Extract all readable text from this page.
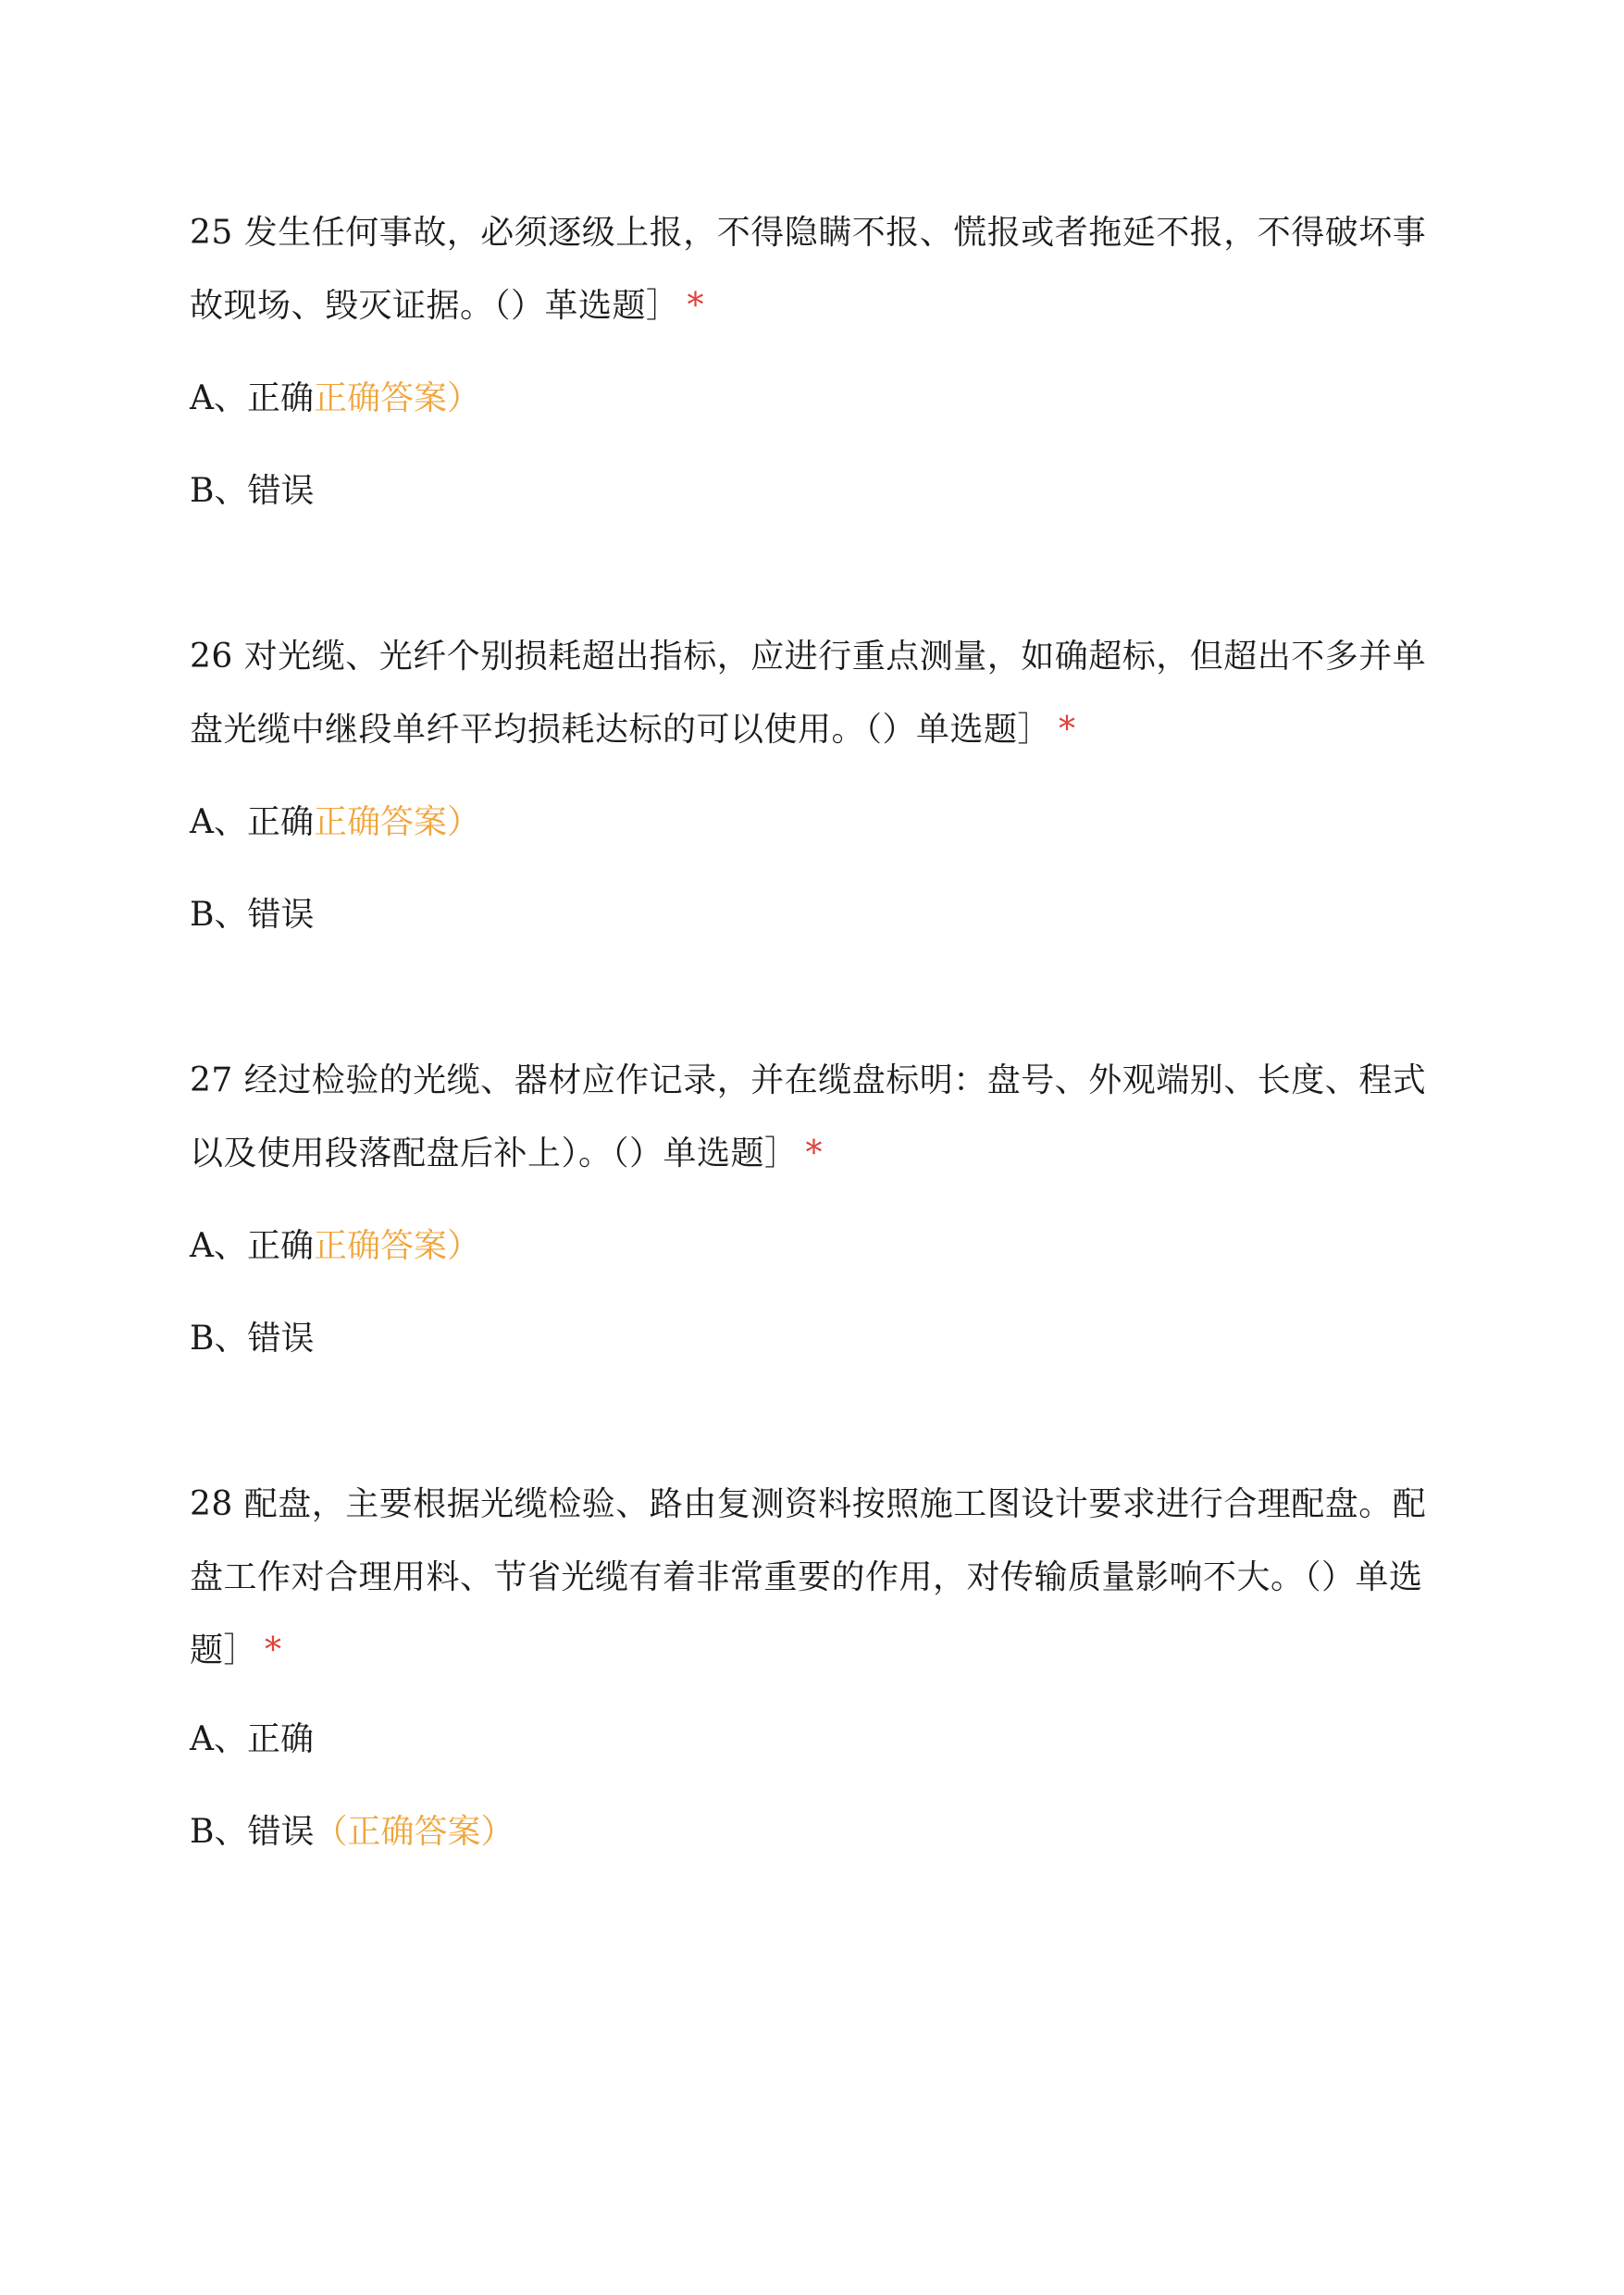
25 发生任何事故，必须逐级上报，不得隐瞒不报、慌报或者拖延不报，不得破坏事故现场、毁灭证据。（）革选题］ *

A、正确正确答案）

B、错误

26 对光缆、光纤个别损耗超出指标，应进行重点测量，如确超标，但超出不多并单盘光缆中继段单纤平均损耗达标的可以使用。（）单选题］ *

A、正确正确答案）

B、错误

27 经过检验的光缆、器材应作记录，并在缆盘标明：盘号、外观端别、长度、程式以及使用段落配盘后补上）。（）单选题］ *

A、正确正确答案）

B、错误

28 配盘，主要根据光缆检验、路由复测资料按照施工图设计要求进行合理配盘。配盘工作对合理用料、节省光缆有着非常重要的作用，对传输质量影响不大。（）单选题］ *

A、正确

B、错误（正确答案）
